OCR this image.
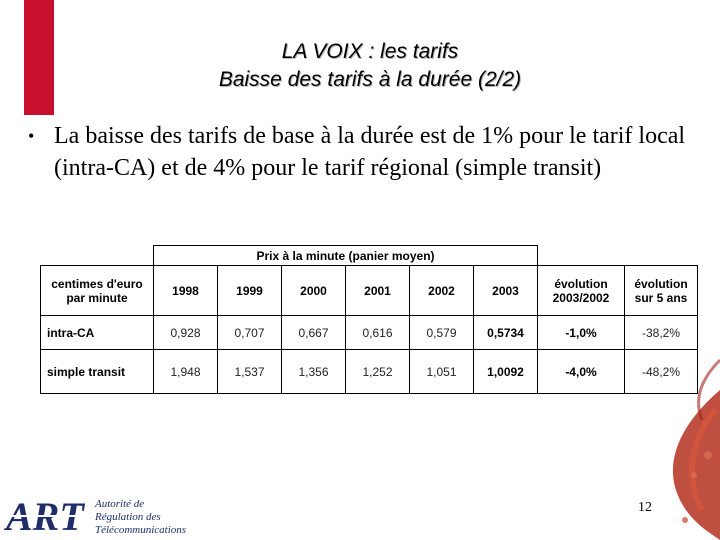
LA VOIX : les tarifs
Baisse des tarifs à la durée (2/2)
• La baisse des tarifs de base à la durée est de 1% pour le tarif local (intra-CA) et de 4% pour le tarif régional (simple transit)
	Prix à la minute (panier moyen)							
centimes d'euro par minute	1998	1999	2000	2001	2002	2003	évolution 2003/2002	évolution sur 5 ans
intra-CA	0,928	0,707	0,667	0,616	0,579	0,5734	-1,0%	-38,2%
simple transit	1,948	1,537	1,356	1,252	1,051	1,0092	-4,0%	-48,2%
ART Autorité de
Régulation des
Télécommunications
12
